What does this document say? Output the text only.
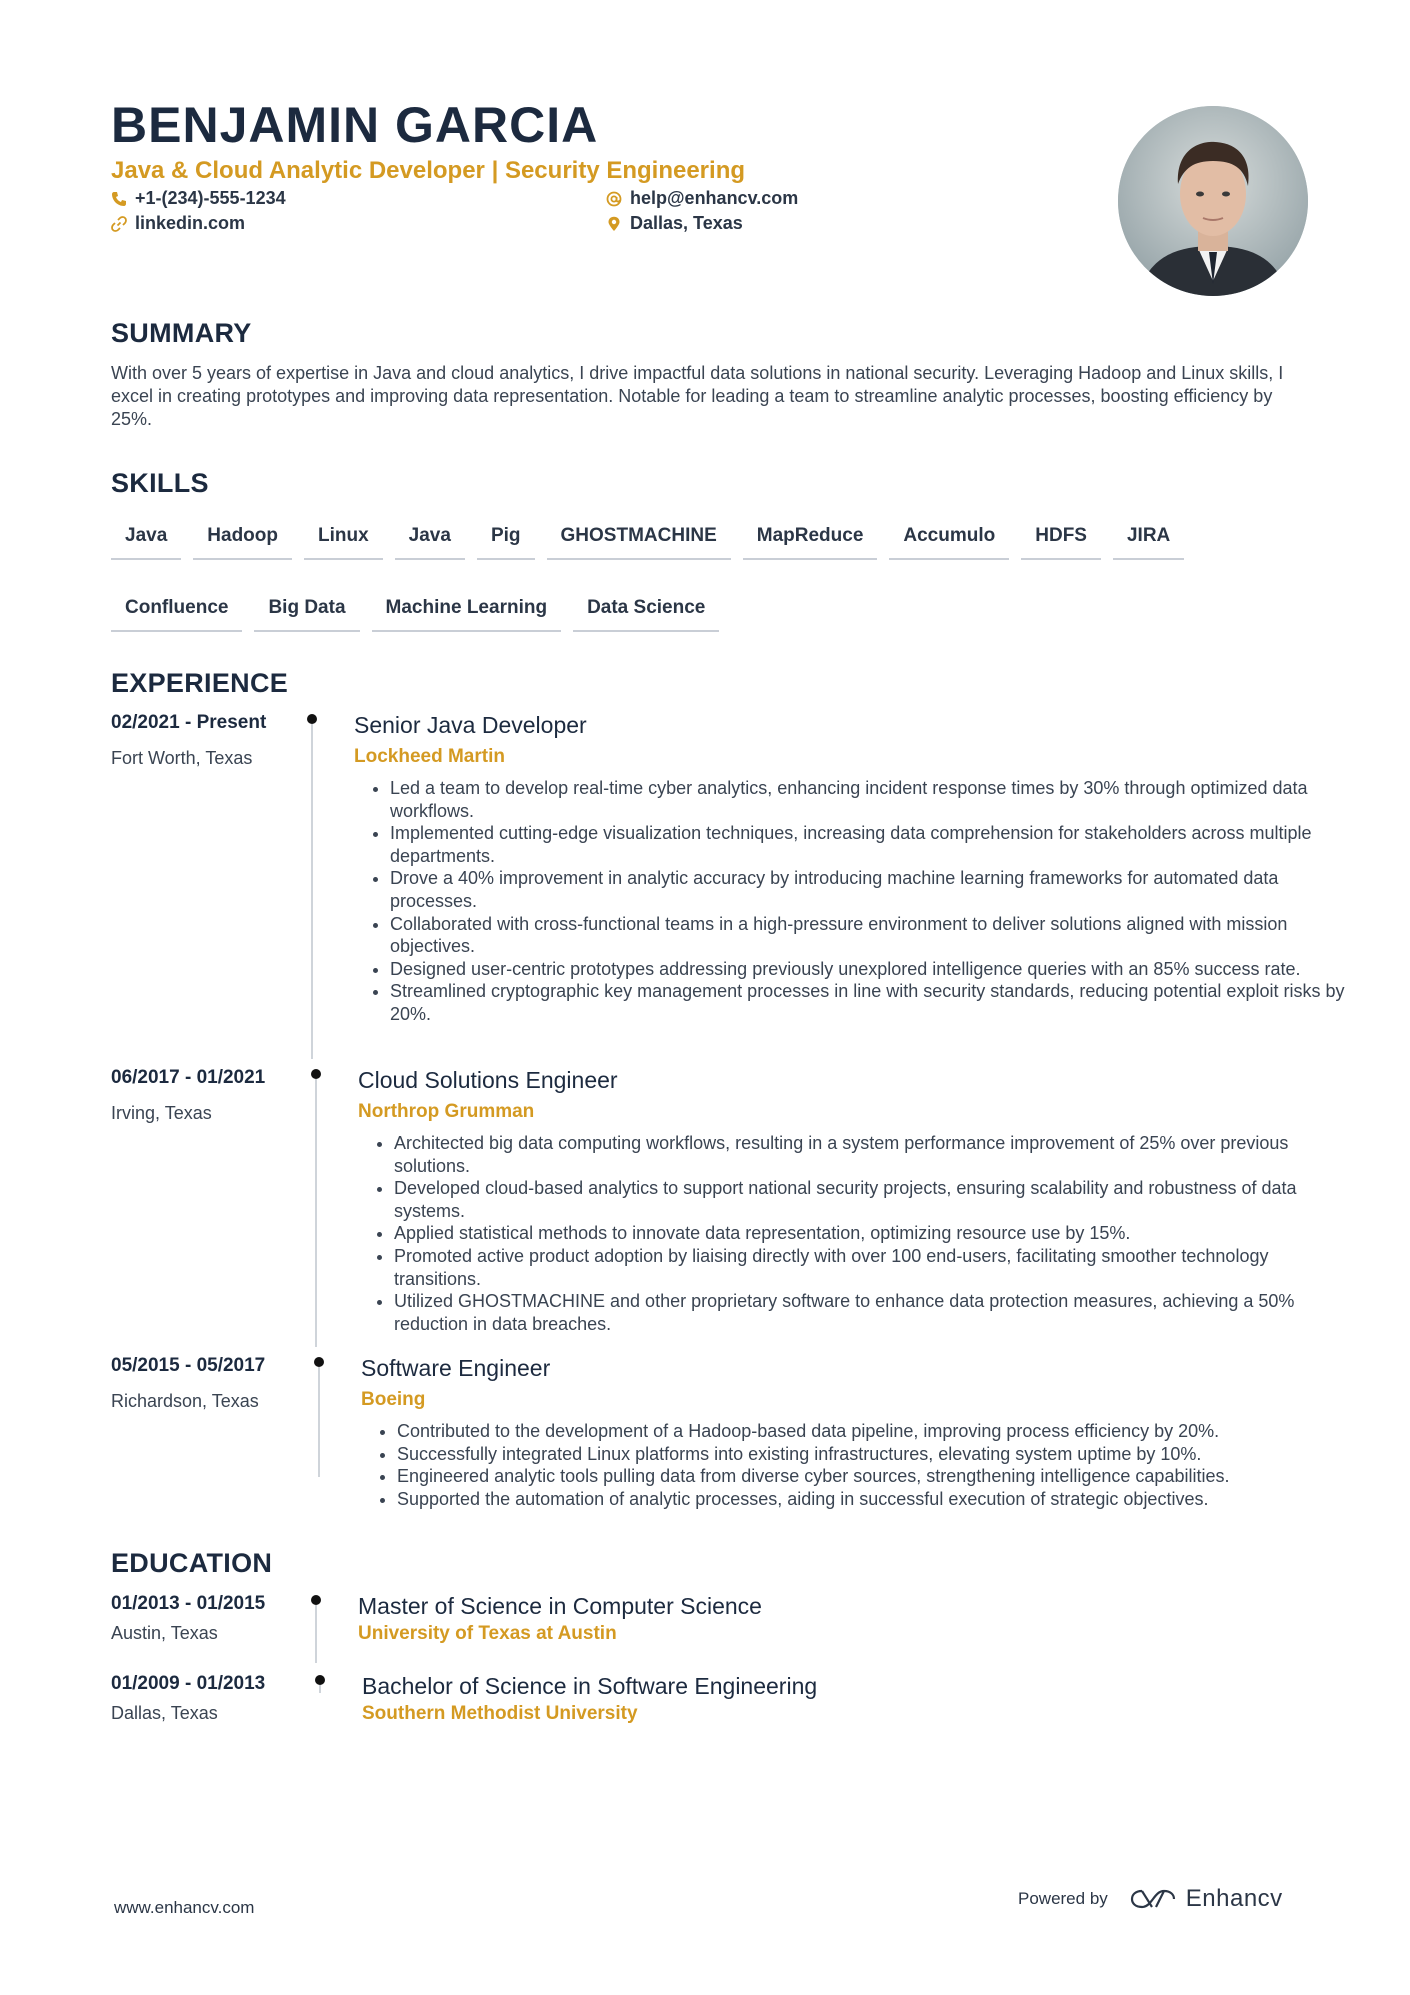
BENJAMIN GARCIA

Java & Cloud Analytic Developer | Security Engineering

+1-(234)-555-1234	help@enhancv.com
linkedin.com	Dallas, Texas
SUMMARY

With over 5 years of expertise in Java and cloud analytics, I drive impactful data solutions in national security. Leveraging Hadoop and Linux skills, I excel in creating prototypes and improving data representation. Notable for leading a team to streamline analytic processes, boosting efficiency by 25%.

SKILLS
Java	Hadoop	Linux	Java	Pig	GHOSTMACHINE	MapReduce	Accumulo	HDFS	JIRA
Confluence	Big Data	Machine Learning	Data Science
EXPERIENCE
02/2021 - Present
Fort Worth, Texas
Senior Java Developer
Lockheed Martin
• Led a team to develop real-time cyber analytics, enhancing incident response times by 30% through optimized data workflows.
• Implemented cutting-edge visualization techniques, increasing data comprehension for stakeholders across multiple departments.
• Drove a 40% improvement in analytic accuracy by introducing machine learning frameworks for automated data processes.
• Collaborated with cross-functional teams in a high-pressure environment to deliver solutions aligned with mission objectives.
• Designed user-centric prototypes addressing previously unexplored intelligence queries with an 85% success rate.
• Streamlined cryptographic key management processes in line with security standards, reducing potential exploit risks by 20%.
06/2017 - 01/2021
Irving, Texas
Cloud Solutions Engineer
Northrop Grumman
• Architected big data computing workflows, resulting in a system performance improvement of 25% over previous solutions.
• Developed cloud-based analytics to support national security projects, ensuring scalability and robustness of data systems.
• Applied statistical methods to innovate data representation, optimizing resource use by 15%.
• Promoted active product adoption by liaising directly with over 100 end-users, facilitating smoother technology transitions.
• Utilized GHOSTMACHINE and other proprietary software to enhance data protection measures, achieving a 50% reduction in data breaches.
05/2015 - 05/2017
Richardson, Texas
Software Engineer
Boeing
• Contributed to the development of a Hadoop-based data pipeline, improving process efficiency by 20%.
• Successfully integrated Linux platforms into existing infrastructures, elevating system uptime by 10%.
• Engineered analytic tools pulling data from diverse cyber sources, strengthening intelligence capabilities.
• Supported the automation of analytic processes, aiding in successful execution of strategic objectives.
EDUCATION
01/2013 - 01/2015
Austin, Texas
Master of Science in Computer Science
University of Texas at Austin
01/2009 - 01/2013
Dallas, Texas
Bachelor of Science in Software Engineering
Southern Methodist University
www.enhancv.com	Powered by	Enhancv
